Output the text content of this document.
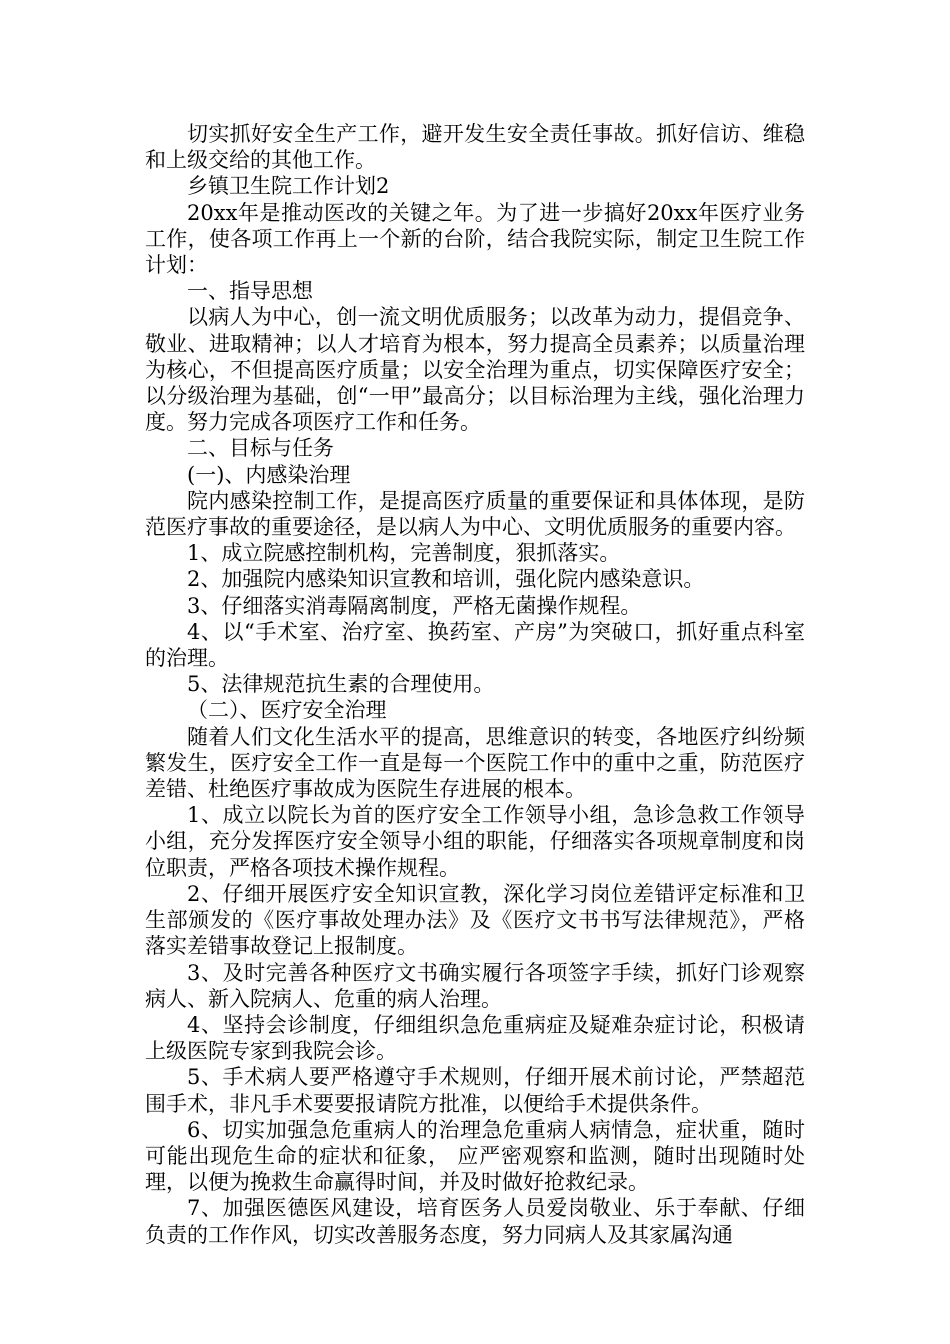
切实抓好安全生产工作，避开发生安全责任事故。抓好信访、维稳和上级交给的其他工作。

乡镇卫生院工作计划2

20xx年是推动医改的关键之年。为了进一步搞好20xx年医疗业务工作，使各项工作再上一个新的台阶，结合我院实际，制定卫生院工作计划：

一、指导思想

以病人为中心，创一流文明优质服务；以改革为动力，提倡竞争、敬业、进取精神；以人才培育为根本，努力提高全员素养；以质量治理为核心，不但提高医疗质量；以安全治理为重点，切实保障医疗安全；以分级治理为基础，创“一甲”最高分；以目标治理为主线，强化治理力度。努力完成各项医疗工作和任务。

二、目标与任务

(一)、内感染治理

院内感染控制工作，是提高医疗质量的重要保证和具体体现，是防范医疗事故的重要途径，是以病人为中心、文明优质服务的重要内容。

1、成立院感控制机构，完善制度，狠抓落实。

2、加强院内感染知识宣教和培训，强化院内感染意识。

3、仔细落实消毒隔离制度，严格无菌操作规程。

4、以“手术室、治疗室、换药室、产房”为突破口，抓好重点科室的治理。

5、法律规范抗生素的合理使用。

（二）、医疗安全治理

随着人们文化生活水平的提高，思维意识的转变，各地医疗纠纷频繁发生，医疗安全工作一直是每一个医院工作中的重中之重，防范医疗差错、杜绝医疗事故成为医院生存进展的根本。

1、成立以院长为首的医疗安全工作领导小组，急诊急救工作领导小组，充分发挥医疗安全领导小组的职能，仔细落实各项规章制度和岗位职责，严格各项技术操作规程。

2、仔细开展医疗安全知识宣教，深化学习岗位差错评定标准和卫生部颁发的《医疗事故处理办法》及《医疗文书书写法律规范》，严格落实差错事故登记上报制度。

3、及时完善各种医疗文书确实履行各项签字手续，抓好门诊观察病人、新入院病人、危重的病人治理。

4、坚持会诊制度，仔细组织急危重病症及疑难杂症讨论，积极请上级医院专家到我院会诊。

5、手术病人要严格遵守手术规则，仔细开展术前讨论，严禁超范围手术，非凡手术要要报请院方批准，以便给手术提供条件。

6、切实加强急危重病人的治理急危重病人病情急，症状重，随时可能出现危生命的症状和征象， 应严密观察和监测，随时出现随时处理，以便为挽救生命赢得时间，并及时做好抢救纪录。

7、加强医德医风建设，培育医务人员爱岗敬业、乐于奉献、仔细负责的工作作风，切实改善服务态度，努力同病人及其家属沟通
